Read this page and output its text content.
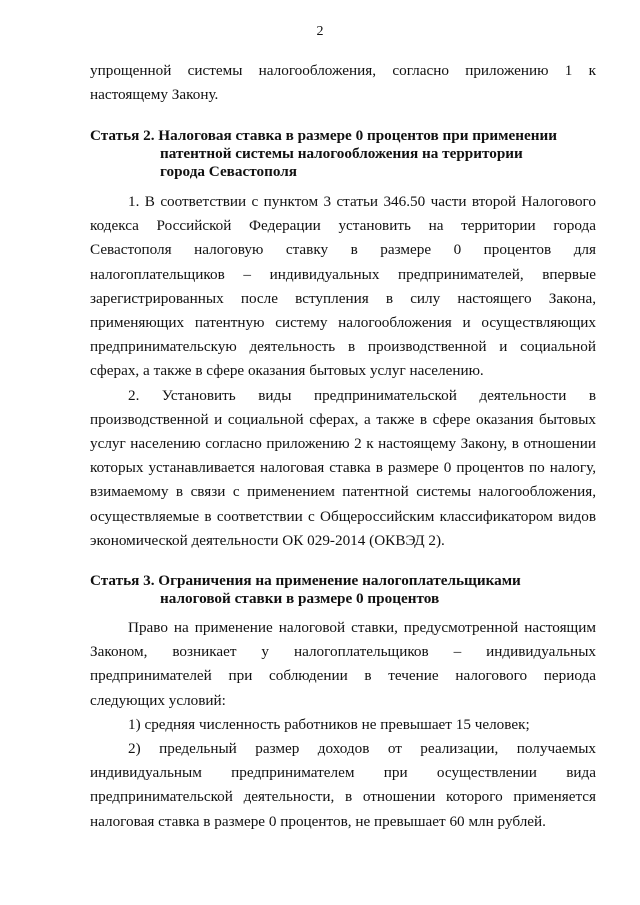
2

упрощенной системы налогообложения, согласно приложению 1 к настоящему Закону.

Статья 2. Налоговая ставка в размере 0 процентов при применении
патентной системы налогообложения на территории
города Севастополя

1. В соответствии с пунктом 3 статьи 346.50 части второй Налогового кодекса Российской Федерации установить на территории города Севастополя налоговую ставку в размере 0 процентов для налогоплательщиков – индивидуальных предпринимателей, впервые зарегистрированных после вступления в силу настоящего Закона, применяющих патентную систему налогообложения и осуществляющих предпринимательскую деятельность в производственной и социальной сферах, а также в сфере оказания бытовых услуг населению.

2. Установить виды предпринимательской деятельности в производственной и социальной сферах, а также в сфере оказания бытовых услуг населению согласно приложению 2 к настоящему Закону, в отношении которых устанавливается налоговая ставка в размере 0 процентов по налогу, взимаемому в связи с применением патентной системы налогообложения, осуществляемые в соответствии с Общероссийским классификатором видов экономической деятельности ОК 029-2014 (ОКВЭД 2).

Статья 3. Ограничения на применение налогоплательщиками
налоговой ставки в размере 0 процентов

Право на применение налоговой ставки, предусмотренной настоящим Законом, возникает у налогоплательщиков – индивидуальных предпринимателей при соблюдении в течение налогового периода следующих условий:

1) средняя численность работников не превышает 15 человек;

2) предельный размер доходов от реализации, получаемых индивидуальным предпринимателем при осуществлении вида предпринимательской деятельности, в отношении которого применяется налоговая ставка в размере 0 процентов, не превышает 60 млн рублей.
